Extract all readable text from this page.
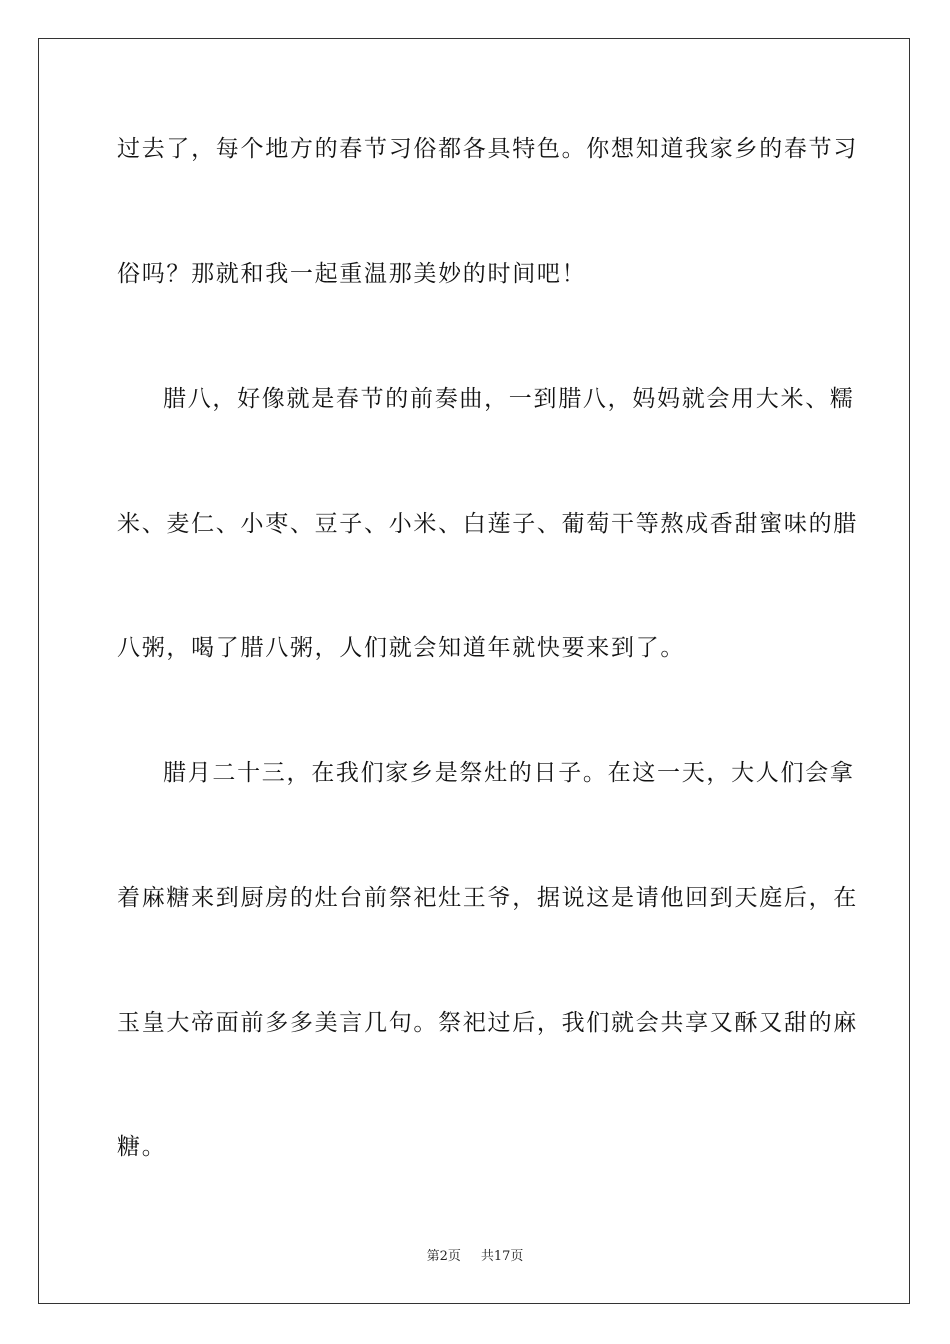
过去了，每个地方的春节习俗都各具特色。你想知道我家乡的春节习
俗吗？那就和我一起重温那美妙的时间吧！
腊八，好像就是春节的前奏曲，一到腊八，妈妈就会用大米、糯
米、麦仁、小枣、豆子、小米、白莲子、葡萄干等熬成香甜蜜味的腊
八粥，喝了腊八粥，人们就会知道年就快要来到了。
腊月二十三，在我们家乡是祭灶的日子。在这一天，大人们会拿
着麻糖来到厨房的灶台前祭祀灶王爷，据说这是请他回到天庭后，在
玉皇大帝面前多多美言几句。祭祀过后，我们就会共享又酥又甜的麻
糖。
第2页 共17页
